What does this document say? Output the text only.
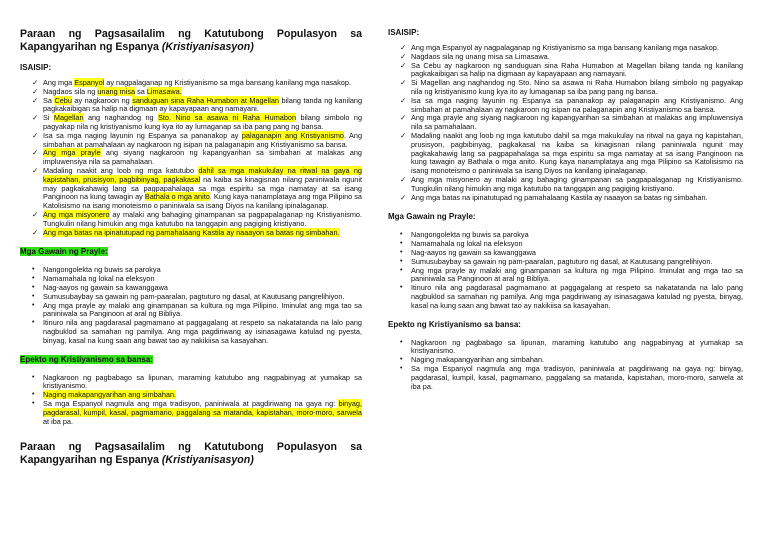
Paraan ng Pagsasailalim ng Katutubong Populasyon sa Kapangyarihan ng Espanya (Kristiyanisasyon)

ISAISIP:

✓ Ang mga Espanyol ay nagpalaganap ng Kristiyanismo sa mga bansang kanilang mga nasakop.
✓ Nagdaos sila ng unang misa sa Limasawa.
✓ Sa Cebu ay nagkaroon ng sanduguan sina Raha Humabon at Magellan bilang tanda ng kanilang pagkakaibigan sa halip na digmaan ay kapayapaan ang namayani.
✓ Si Magellan ang naghandog ng Sto. Nino sa asawa ni Raha Humabon bilang simbolo ng pagyakap nila ng kristiyanismo kung kya ito ay lumaganap sa iba pang pang ng bansa.
✓ Isa sa mga naging layunin ng Espanya sa pananakop ay palaganapin ang Kristiyanismo. Ang simbahan at pamahalaan ay nagkaroon ng isipan na palaganapin ang Kristiyanismo sa bansa.
✓ Ang mga prayle ang siyang nagkaroon ng kapangyarihan sa simbahan at malakas ang impluwensiya nila sa pamahalaan.
✓ Madaling naakit ang loob ng mga katutubo dahil sa mga makukulay na ritwal na gaya ng kapistahan, prusisyon, pagbibinyag, pagkakasal na kaiba sa kinagisnan nilang paniniwala ngunit may pagkakahawig lang sa pagpapahalaga sa mga espiritu sa mga namatay at sa isang Panginoon na kung tawagin ay Bathala o mga anito. Kung kaya nanamplataya ang mga Pilipino sa Katolisismo na isang monoteismo o paniniwala sa isang Diyos na kanilang ipinalaganap.
✓ Ang mga misyonero ay malaki ang bahaging ginampanan sa pagpapalaganap ng Kristiyanismo. Tungkulin nilang himukin ang mga katutubo na tanggapin ang pagiging kristiyano.
✓ Ang mga batas na ipinatutupad ng pamahalaang Kastila ay naaayon sa batas ng simbahan.

Mga Gawain ng Prayle:

• Nangongolekta ng buwis sa parokya
• Namamahala ng lokal na eleksyon
• Nag-aayos ng gawain sa kawanggawa
• Sumusubaybay sa gawain ng pam-paaralan, pagtuturo ng dasal, at Kautusang pangrelihiyon.
• Ang mga prayle ay malaki ang ginampanan sa kultura ng mga Pilipino. Iminulat ang mga tao sa paniniwala sa Panginoon at aral ng Bibliya.
• Itinuro nila ang pagdarasal pagmamano at paggagalang at respeto sa nakatatanda na lalo pang nagbuklod sa samahan ng pamilya. Ang mga pagdiriwang ay isinasagawa katulad ng pyesta, binyag, kasal na kung saan ang bawat tao ay nakikiisa sa kasayahan.

Epekto ng Kristiyanismo sa bansa:

• Nagkaroon ng pagbabago sa lipunan, maraming katutubo ang nagpabinyag at yumakap sa kristiyanismo.
• Naging makapangyarihan ang simbahan.
• Sa mga Espanyol nagmula ang mga tradisyon, paniniwala at pagdiriwang na gaya ng: binyag, pagdarasal, kumpil, kasal, pagmamano, paggalang sa matanda, kapistahan, moro-moro, sarwela at iba pa.

Paraan ng Pagsasailalim ng Katutubong Populasyon sa Kapangyarihan ng Espanya (Kristiyanisasyon)

ISAISIP:

✓ Ang mga Espanyol ay nagpalaganap ng Kristiyanismo sa mga bansang kanilang mga nasakop.
✓ Nagdaos sila ng unang misa sa Limasawa.
✓ Sa Cebu ay nagkaroon ng sanduguan sina Raha Humabon at Magellan bilang tanda ng kanilang pagkakaibigan sa halip na digmaan ay kapayapaan ang namayani.
✓ Si Magellan ang naghandog ng Sto. Nino sa asawa ni Raha Humabon bilang simbolo ng pagyakap nila ng kristiyanismo kung kya ito ay lumaganap sa iba pang pang ng bansa.
✓ Isa sa mga naging layunin ng Espanya sa pananakop ay palaganapin ang Kristiyanismo. Ang simbahan at pamahalaan ay nagkaroon ng isipan na palaganapin ang Kristiyanismo sa bansa.
✓ Ang mga prayle ang siyang nagkaroon ng kapangyarihan sa simbahan at malakas ang impluwensiya nila sa pamahalaan.
✓ Madaling naakit ang loob ng mga katutubo dahil sa mga makukulay na ritwal na gaya ng kapistahan, prusisyon, pagbibinyag, pagkakasal na kaiba sa kinagisnan nilang paniniwala ngunit may pagkakahawig lang sa pagpapahalaga sa mga espiritu sa mga namatay at sa isang Panginoon na kung tawagin ay Bathala o mga anito. Kung kaya nanamplataya ang mga Pilipino sa Katolisismo na isang monoteismo o paniniwala sa isang Diyos na kanilang ipinalaganap.
✓ Ang mga misyonero ay malaki ang bahaging ginampanan sa pagpapalaganap ng Kristiyanismo. Tungkulin nilang himukin ang mga katutubo na tanggapin ang pagiging kristiyano.
✓ Ang mga batas na ipinatutupad ng pamahalaang Kastila ay naaayon sa batas ng simbahan.

Mga Gawain ng Prayle:

• Nangongolekta ng buwis sa parokya
• Namamahala ng lokal na eleksyon
• Nag-aayos ng gawain sa kawanggawa
• Sumusubaybay sa gawain ng pam-paaralan, pagtuturo ng dasal, at Kautusang pangrelihiyon.
• Ang mga prayle ay malaki ang ginampanan sa kultura ng mga Pilipino. Iminulat ang mga tao sa paniniwala sa Panginoon at aral ng Bibliya.
• Itinuro nila ang pagdarasal pagmamano at paggagalang at respeto sa nakatatanda na lalo pang nagbuklod sa samahan ng pamilya. Ang mga pagdiriwang ay isinasagawa katulad ng pyesta, binyag, kasal na kung saan ang bawat tao ay nakikiisa sa kasayahan.

Epekto ng Kristiyanismo sa bansa:

• Nagkaroon ng pagbabago sa lipunan, maraming katutubo ang nagpabinyag at yumakap sa kristiyanismo.
• Naging makapangyarihan ang simbahan.
• Sa mga Espanyol nagmula ang mga tradisyon, paniniwala at pagdiriwang na gaya ng: binyag, pagdarasal, kumpil, kasal, pagmamano, paggalang sa matanda, kapistahan, moro-moro, sarwela at iba pa.
